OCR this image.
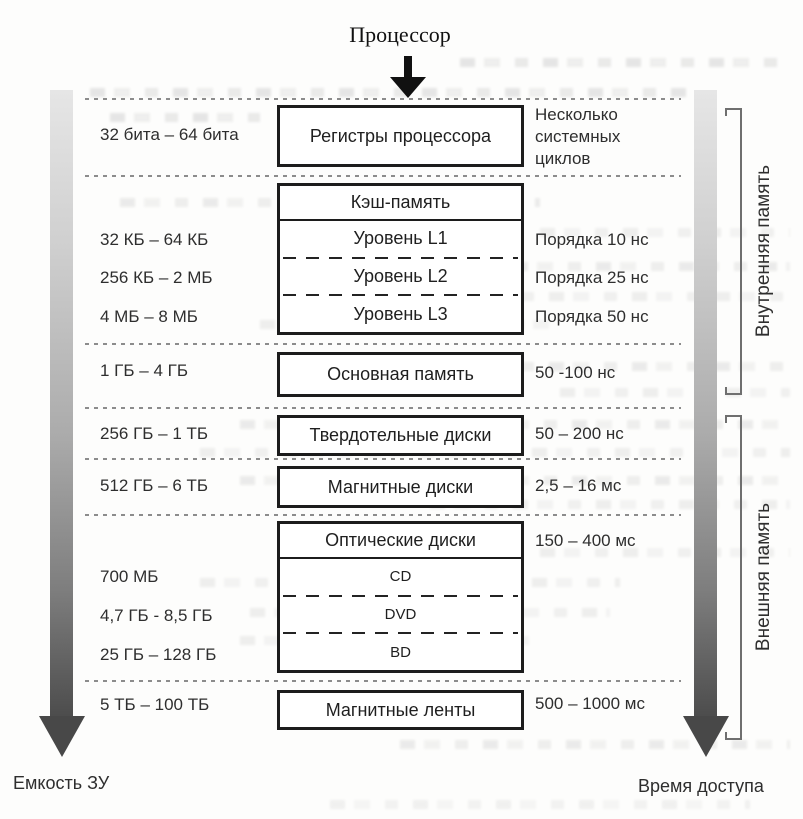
Процессор
32 бита – 64 бита
32 КБ – 64 КБ
256 КБ – 2 МБ
4 МБ – 8 МБ
1 ГБ – 4 ГБ
256 ГБ – 1 ТБ
512 ГБ – 6 ТБ
700 МБ
4,7 ГБ - 8,5 ГБ
25 ГБ – 128 ГБ
5 ТБ – 100 ТБ
Регистры процессора
Кэш-память
Уровень L1
Уровень L2
Уровень L3
Основная память
Твердотельные диски
Магнитные диски
Оптические диски
CD
DVD
BD
Магнитные ленты
Несколько системных циклов
Порядка 10 нс
Порядка 25 нс
Порядка 50 нс
50 -100 нс
50 – 200 нс
2,5 – 16 мс
150 – 400 мс
500 – 1000 мс
Емкость ЗУ	Время доступа
Внутренняя память
Внешняя память
